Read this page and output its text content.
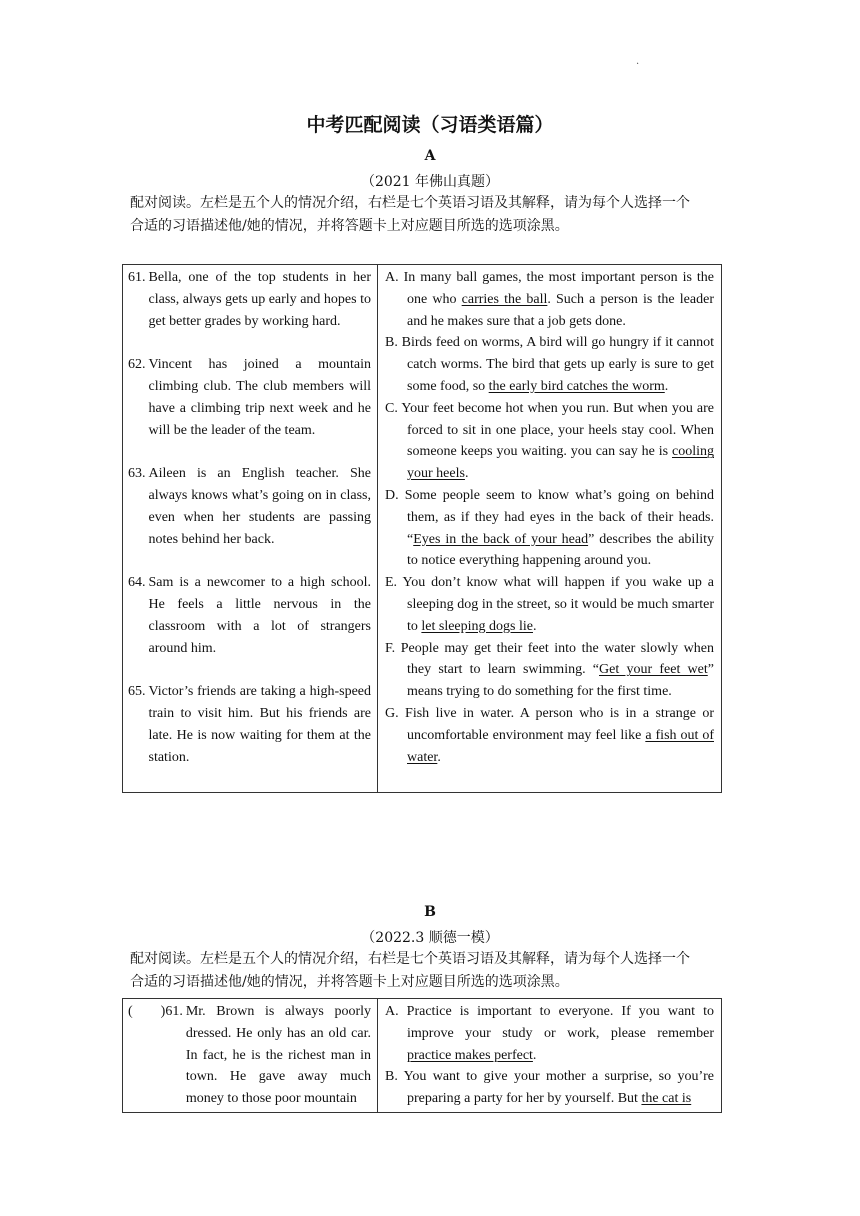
.
中考匹配阅读（习语类语篇）
A
（2021 年佛山真题）
配对阅读。左栏是五个人的情况介绍，右栏是七个英语习语及其解释，请为每个人选择一个
合适的习语描述他/她的情况，并将答题卡上对应题目所选的选项涂黑。
61. Bella, one of the top students in her class, always gets up early and hopes to get better grades by working hard.
62. Vincent has joined a mountain climbing club. The club members will have a climbing trip next week and he will be the leader of the team.
63. Aileen is an English teacher. She always knows what’s going on in class, even when her students are passing notes behind her back.
64. Sam is a newcomer to a high school. He feels a little nervous in the classroom with a lot of strangers around him.
65. Victor’s friends are taking a high-speed train to visit him. But his friends are late. He is now waiting for them at the station.

A. In many ball games, the most important person is the one who carries the ball. Such a person is the leader and he makes sure that a job gets done.
B. Birds feed on worms, A bird will go hungry if it cannot catch worms. The bird that gets up early is sure to get some food, so the early bird catches the worm.
C. Your feet become hot when you run. But when you are forced to sit in one place, your heels stay cool. When someone keeps you waiting. you can say he is cooling your heels.
D. Some people seem to know what’s going on behind them, as if they had eyes in the back of their heads. “Eyes in the back of your head” describes the ability to notice everything happening around you.
E. You don’t know what will happen if you wake up a sleeping dog in the street, so it would be much smarter to let sleeping dogs lie.
F. People may get their feet into the water slowly when they start to learn swimming. “Get your feet wet” means trying to do something for the first time.
G. Fish live in water. A person who is in a strange or uncomfortable environment may feel like a fish out of water.
B
（2022.3 顺德一模）
配对阅读。左栏是五个人的情况介绍，右栏是七个英语习语及其解释，请为每个人选择一个
合适的习语描述他/她的情况，并将答题卡上对应题目所选的选项涂黑。
(  )61. Mr. Brown is always poorly dressed. He only has an old car. In fact, he is the richest man in town. He gave away much money to those poor mountain

A. Practice is important to everyone. If you want to improve your study or work, please remember practice makes perfect.
B. You want to give your mother a surprise, so you’re preparing a party for her by yourself. But the cat is
